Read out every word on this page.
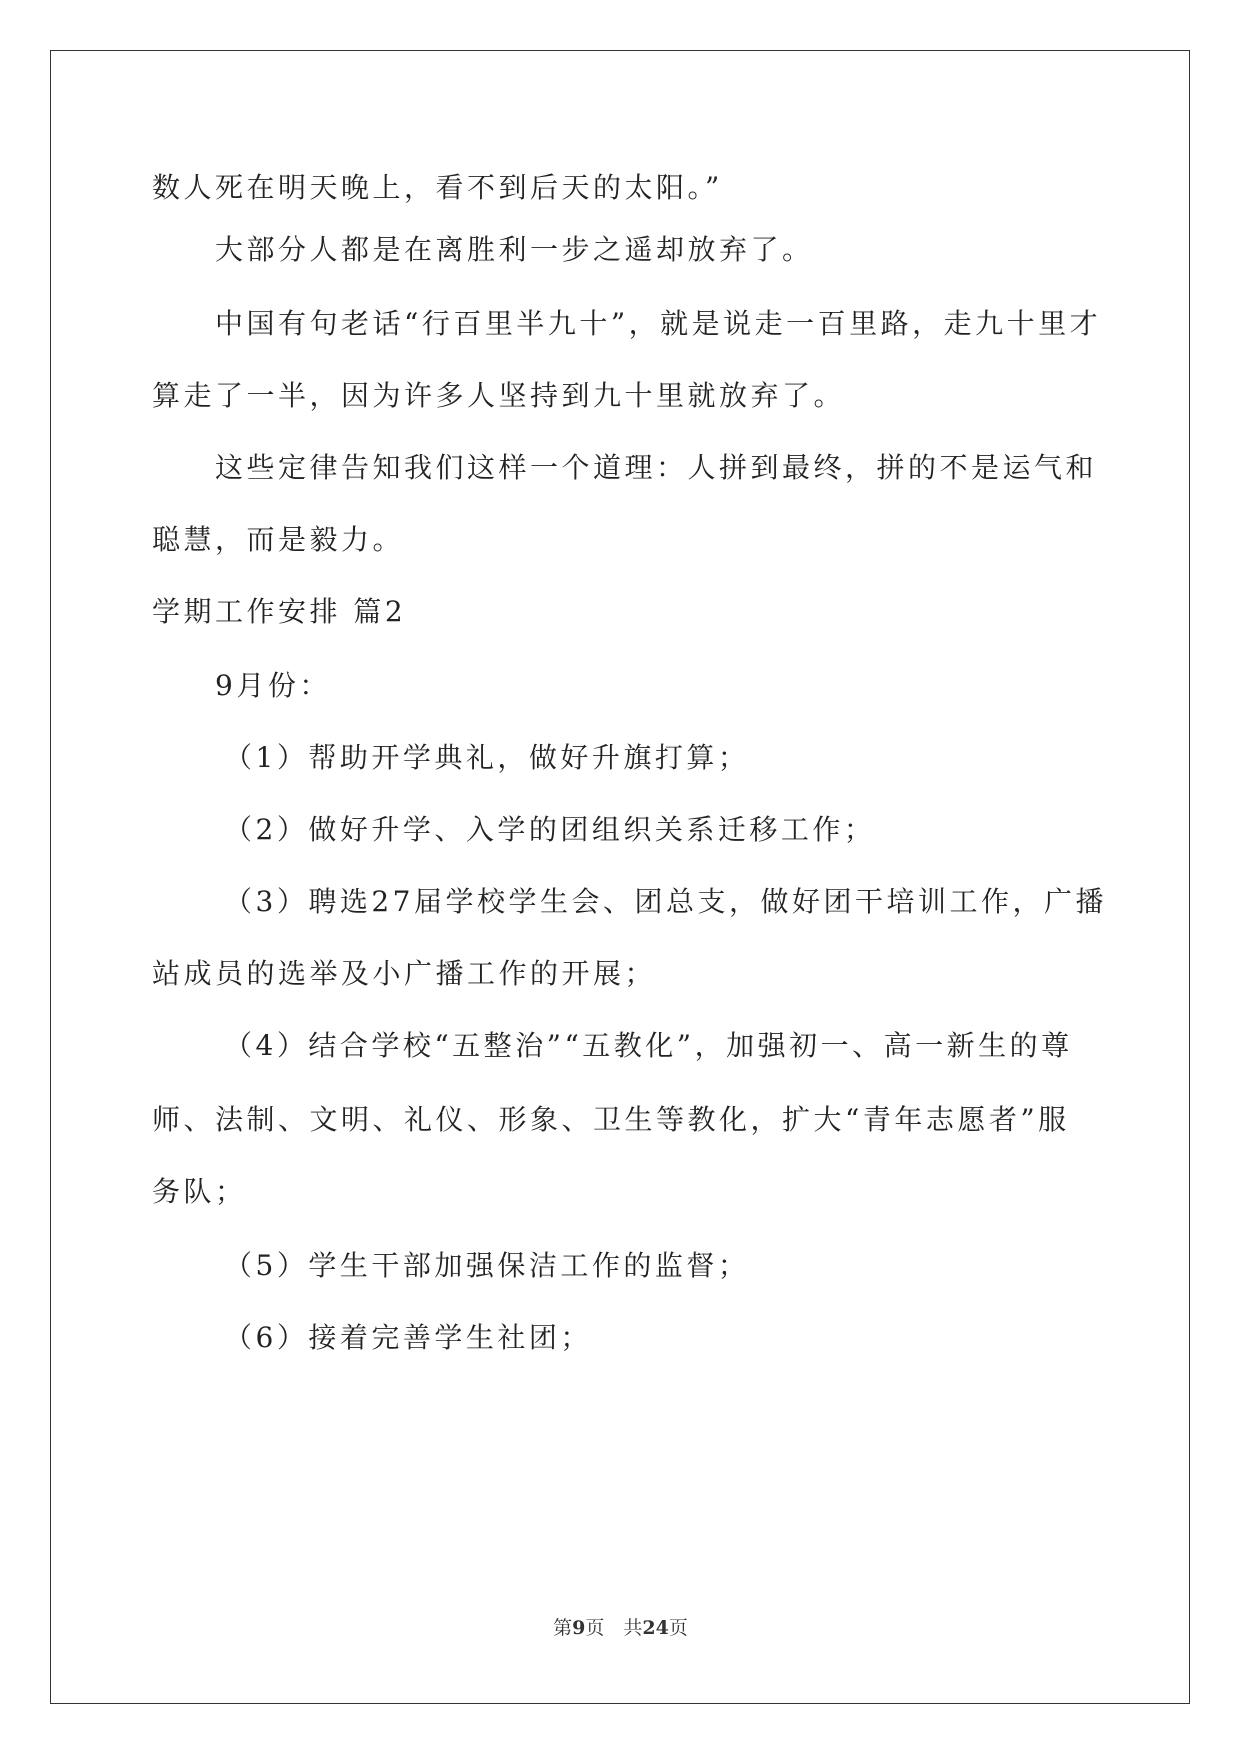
数人死在明天晚上，看不到后天的太阳。”
大部分人都是在离胜利一步之遥却放弃了。
中国有句老话“行百里半九十”，就是说走一百里路，走九十里才
算走了一半，因为许多人坚持到九十里就放弃了。
这些定律告知我们这样一个道理：人拼到最终，拼的不是运气和
聪慧，而是毅力。
学期工作安排 篇2
9月份：
（1）帮助开学典礼，做好升旗打算；
（2）做好升学、入学的团组织关系迁移工作；
（3）聘选27届学校学生会、团总支，做好团干培训工作，广播
站成员的选举及小广播工作的开展；
（4）结合学校“五整治”“五教化”，加强初一、高一新生的尊
师、法制、文明、礼仪、形象、卫生等教化，扩大“青年志愿者”服
务队；
（5）学生干部加强保洁工作的监督；
（6）接着完善学生社团；
第9页　共24页
